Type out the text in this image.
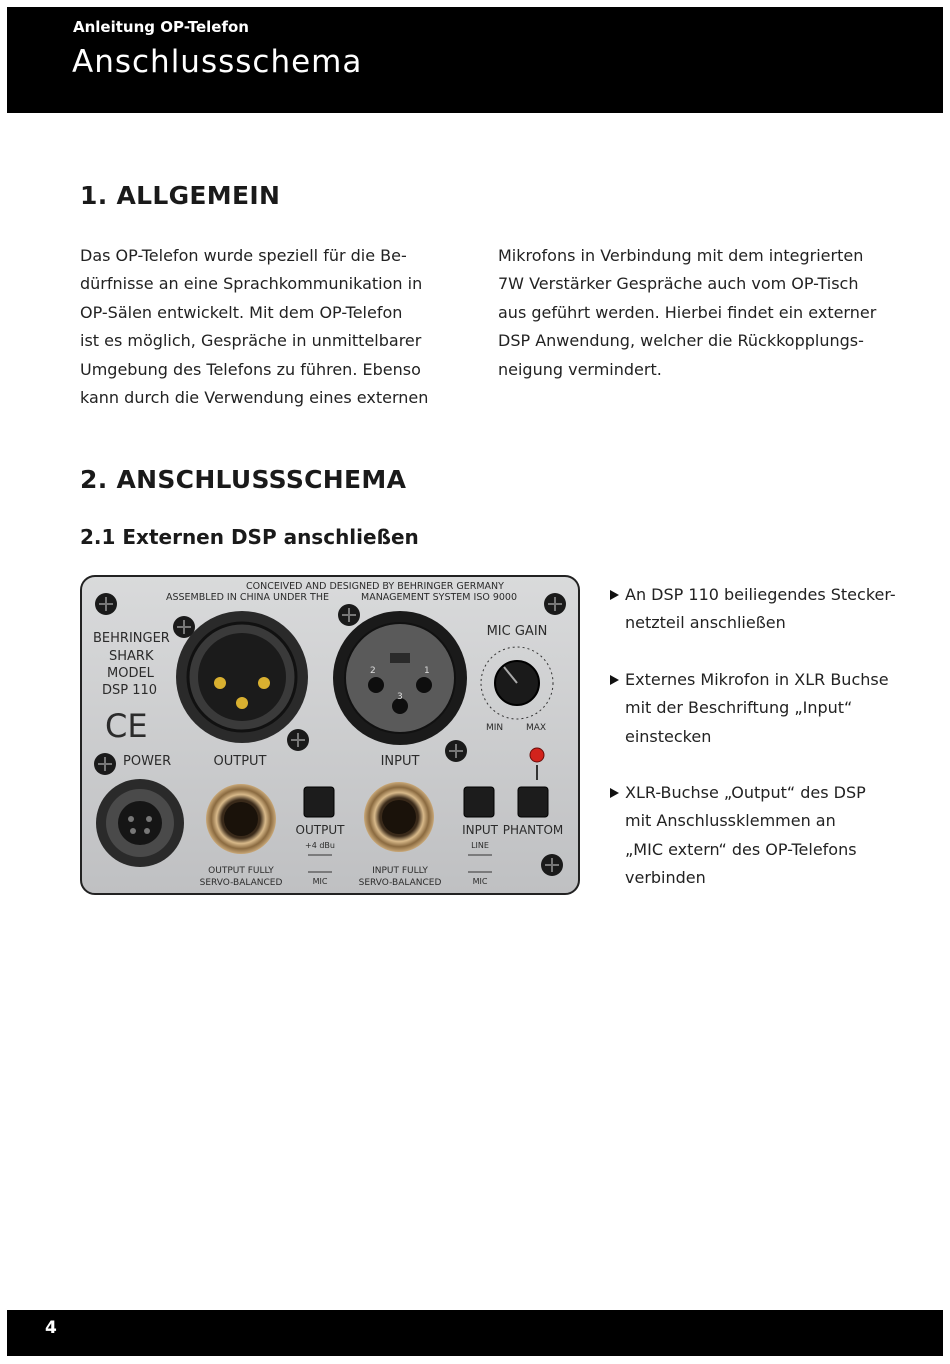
Anleitung OP-Telefon
Anschlussschema
1. ALLGEMEIN
Das OP-Telefon wurde speziell für die Be-
dürfnisse an eine Sprachkommunikation in
OP-Sälen entwickelt. Mit dem OP-Telefon
ist es möglich, Gespräche in unmittelbarer
Umgebung des Telefons zu führen. Ebenso
kann durch die Verwendung eines externen
Mikrofons in Verbindung mit dem integrierten
7W Verstärker Gespräche auch vom OP-Tisch
aus geführt werden. Hierbei findet ein externer
DSP Anwendung, welcher die Rückkopplungs-
neigung vermindert.
2. ANSCHLUSSSCHEMA
2.1 Externen DSP anschließen
CONCEIVED AND DESIGNED BY BEHRINGER GERMANY
ASSEMBLED IN CHINA UNDER THE	MANAGEMENT SYSTEM ISO 9000
BEHRINGER
SHARK
MODEL
DSP 110
CE
OUTPUT
2	1
3
INPUT
MIC GAIN
MIN	MAX
POWER
OUTPUT FULLY
SERVO-BALANCED
INPUT FULLY
SERVO-BALANCED
OUTPUT
+4 dBu
MIC
INPUT
LINE
MIC
PHANTOM
An DSP 110 beiliegendes Stecker-
netzteil anschließen
Externes Mikrofon in XLR Buchse
mit der Beschriftung „Input“
einstecken
XLR-Buchse „Output“ des DSP
mit Anschlussklemmen an
„MIC extern“ des OP-Telefons
verbinden
4
